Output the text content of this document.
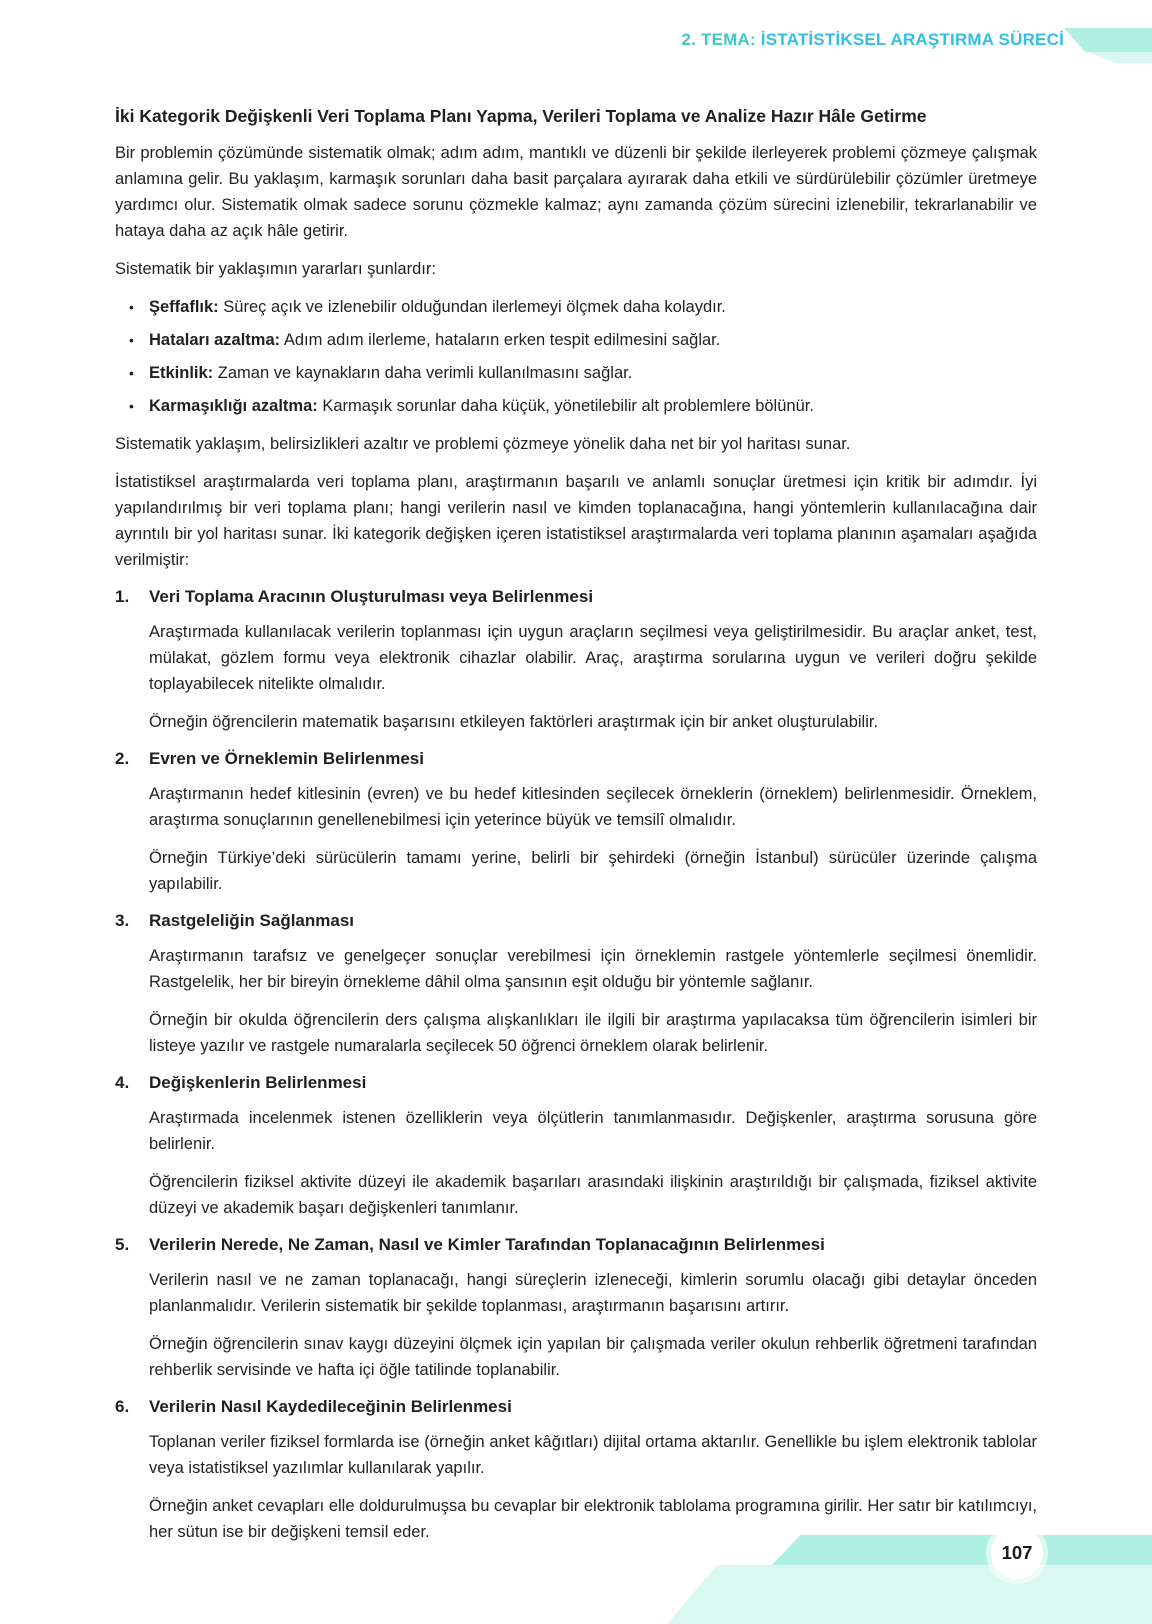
2. TEMA: İSTATİSTİKSEL ARAŞTIRMA SÜRECİ
İki Kategorik Değişkenli Veri Toplama Planı Yapma, Verileri Toplama ve Analize Hazır Hâle Getirme

Bir problemin çözümünde sistematik olmak; adım adım, mantıklı ve düzenli bir şekilde ilerleyerek problemi çözmeye çalışmak anlamına gelir. Bu yaklaşım, karmaşık sorunları daha basit parçalara ayırarak daha etkili ve sürdürülebilir çözümler üretmeye yardımcı olur. Sistematik olmak sadece sorunu çözmekle kalmaz; aynı zamanda çözüm sürecini izlenebilir, tekrarlanabilir ve hataya daha az açık hâle getirir.

Sistematik bir yaklaşımın yararları şunlardır:

• Şeffaflık: Süreç açık ve izlenebilir olduğundan ilerlemeyi ölçmek daha kolaydır.
• Hataları azaltma: Adım adım ilerleme, hataların erken tespit edilmesini sağlar.
• Etkinlik: Zaman ve kaynakların daha verimli kullanılmasını sağlar.
• Karmaşıklığı azaltma: Karmaşık sorunlar daha küçük, yönetilebilir alt problemlere bölünür.

Sistematik yaklaşım, belirsizlikleri azaltır ve problemi çözmeye yönelik daha net bir yol haritası sunar.

İstatistiksel araştırmalarda veri toplama planı, araştırmanın başarılı ve anlamlı sonuçlar üretmesi için kritik bir adımdır. İyi yapılandırılmış bir veri toplama planı; hangi verilerin nasıl ve kimden toplanacağına, hangi yöntemlerin kullanılacağına dair ayrıntılı bir yol haritası sunar. İki kategorik değişken içeren istatistiksel araştırmalarda veri toplama planının aşamaları aşağıda verilmiştir:

1.	Veri Toplama Aracının Oluşturulması veya Belirlenmesi

Araştırmada kullanılacak verilerin toplanması için uygun araçların seçilmesi veya geliştirilmesidir. Bu araçlar anket, test, mülakat, gözlem formu veya elektronik cihazlar olabilir. Araç, araştırma sorularına uygun ve verileri doğru şekilde toplayabilecek nitelikte olmalıdır.

Örneğin öğrencilerin matematik başarısını etkileyen faktörleri araştırmak için bir anket oluşturulabilir.

2.	Evren ve Örneklemin Belirlenmesi

Araştırmanın hedef kitlesinin (evren) ve bu hedef kitlesinden seçilecek örneklerin (örneklem) belirlenmesidir. Örneklem, araştırma sonuçlarının genellenebilmesi için yeterince büyük ve temsilî olmalıdır.

Örneğin Türkiye’deki sürücülerin tamamı yerine, belirli bir şehirdeki (örneğin İstanbul) sürücüler üzerinde çalışma yapılabilir.

3.	Rastgeleliğin Sağlanması

Araştırmanın tarafsız ve genelgeçer sonuçlar verebilmesi için örneklemin rastgele yöntemlerle seçilmesi önemlidir. Rastgelelik, her bir bireyin örnekleme dâhil olma şansının eşit olduğu bir yöntemle sağlanır.

Örneğin bir okulda öğrencilerin ders çalışma alışkanlıkları ile ilgili bir araştırma yapılacaksa tüm öğrencilerin isimleri bir listeye yazılır ve rastgele numaralarla seçilecek 50 öğrenci örneklem olarak belirlenir.

4.	Değişkenlerin Belirlenmesi

Araştırmada incelenmek istenen özelliklerin veya ölçütlerin tanımlanmasıdır. Değişkenler, araştırma sorusuna göre belirlenir.

Öğrencilerin fiziksel aktivite düzeyi ile akademik başarıları arasındaki ilişkinin araştırıldığı bir çalışmada, fiziksel aktivite düzeyi ve akademik başarı değişkenleri tanımlanır.

5.	Verilerin Nerede, Ne Zaman, Nasıl ve Kimler Tarafından Toplanacağının Belirlenmesi

Verilerin nasıl ve ne zaman toplanacağı, hangi süreçlerin izleneceği, kimlerin sorumlu olacağı gibi detaylar önceden planlanmalıdır. Verilerin sistematik bir şekilde toplanması, araştırmanın başarısını artırır.

Örneğin öğrencilerin sınav kaygı düzeyini ölçmek için yapılan bir çalışmada veriler okulun rehberlik öğretmeni tarafından rehberlik servisinde ve hafta içi öğle tatilinde toplanabilir.

6.	Verilerin Nasıl Kaydedileceğinin Belirlenmesi

Toplanan veriler fiziksel formlarda ise (örneğin anket kâğıtları) dijital ortama aktarılır. Genellikle bu işlem elektronik tablolar veya istatistiksel yazılımlar kullanılarak yapılır.

Örneğin anket cevapları elle doldurulmuşsa bu cevaplar bir elektronik tablolama programına girilir. Her satır bir katılımcıyı, her sütun ise bir değişkeni temsil eder.

107
